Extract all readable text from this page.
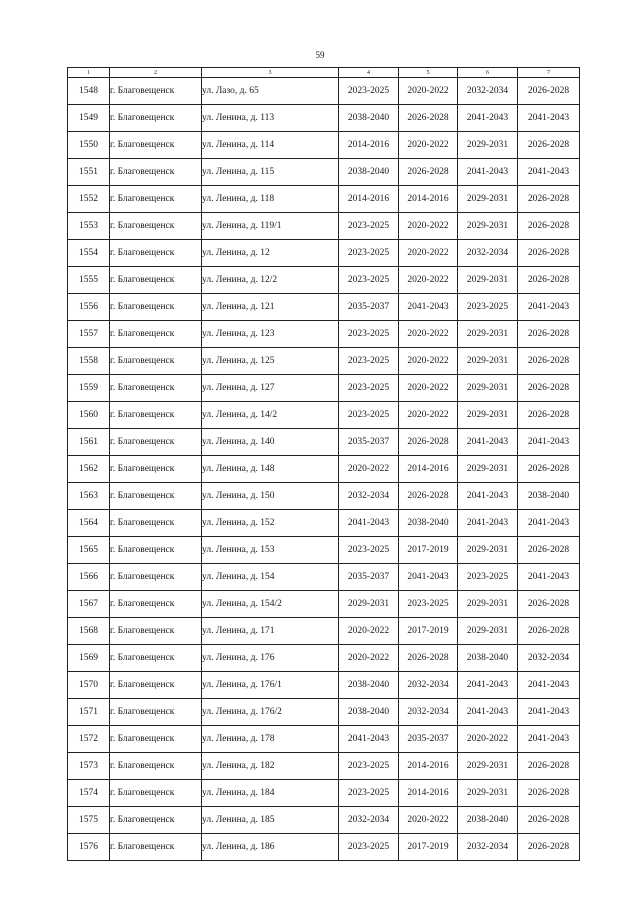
59
1	2	3	4	5	6	7
1548	г. Благовещенск	ул. Лазо, д. 65	2023-2025	2020-2022	2032-2034	2026-2028
1549	г. Благовещенск	ул. Ленина, д. 113	2038-2040	2026-2028	2041-2043	2041-2043
1550	г. Благовещенск	ул. Ленина, д. 114	2014-2016	2020-2022	2029-2031	2026-2028
1551	г. Благовещенск	ул. Ленина, д. 115	2038-2040	2026-2028	2041-2043	2041-2043
1552	г. Благовещенск	ул. Ленина, д. 118	2014-2016	2014-2016	2029-2031	2026-2028
1553	г. Благовещенск	ул. Ленина, д. 119/1	2023-2025	2020-2022	2029-2031	2026-2028
1554	г. Благовещенск	ул. Ленина, д. 12	2023-2025	2020-2022	2032-2034	2026-2028
1555	г. Благовещенск	ул. Ленина, д. 12/2	2023-2025	2020-2022	2029-2031	2026-2028
1556	г. Благовещенск	ул. Ленина, д. 121	2035-2037	2041-2043	2023-2025	2041-2043
1557	г. Благовещенск	ул. Ленина, д. 123	2023-2025	2020-2022	2029-2031	2026-2028
1558	г. Благовещенск	ул. Ленина, д. 125	2023-2025	2020-2022	2029-2031	2026-2028
1559	г. Благовещенск	ул. Ленина, д. 127	2023-2025	2020-2022	2029-2031	2026-2028
1560	г. Благовещенск	ул. Ленина, д. 14/2	2023-2025	2020-2022	2029-2031	2026-2028
1561	г. Благовещенск	ул. Ленина, д. 140	2035-2037	2026-2028	2041-2043	2041-2043
1562	г. Благовещенск	ул. Ленина, д. 148	2020-2022	2014-2016	2029-2031	2026-2028
1563	г. Благовещенск	ул. Ленина, д. 150	2032-2034	2026-2028	2041-2043	2038-2040
1564	г. Благовещенск	ул. Ленина, д. 152	2041-2043	2038-2040	2041-2043	2041-2043
1565	г. Благовещенск	ул. Ленина, д. 153	2023-2025	2017-2019	2029-2031	2026-2028
1566	г. Благовещенск	ул. Ленина, д. 154	2035-2037	2041-2043	2023-2025	2041-2043
1567	г. Благовещенск	ул. Ленина, д. 154/2	2029-2031	2023-2025	2029-2031	2026-2028
1568	г. Благовещенск	ул. Ленина, д. 171	2020-2022	2017-2019	2029-2031	2026-2028
1569	г. Благовещенск	ул. Ленина, д. 176	2020-2022	2026-2028	2038-2040	2032-2034
1570	г. Благовещенск	ул. Ленина, д. 176/1	2038-2040	2032-2034	2041-2043	2041-2043
1571	г. Благовещенск	ул. Ленина, д. 176/2	2038-2040	2032-2034	2041-2043	2041-2043
1572	г. Благовещенск	ул. Ленина, д. 178	2041-2043	2035-2037	2020-2022	2041-2043
1573	г. Благовещенск	ул. Ленина, д. 182	2023-2025	2014-2016	2029-2031	2026-2028
1574	г. Благовещенск	ул. Ленина, д. 184	2023-2025	2014-2016	2029-2031	2026-2028
1575	г. Благовещенск	ул. Ленина, д. 185	2032-2034	2020-2022	2038-2040	2026-2028
1576	г. Благовещенск	ул. Ленина, д. 186	2023-2025	2017-2019	2032-2034	2026-2028
